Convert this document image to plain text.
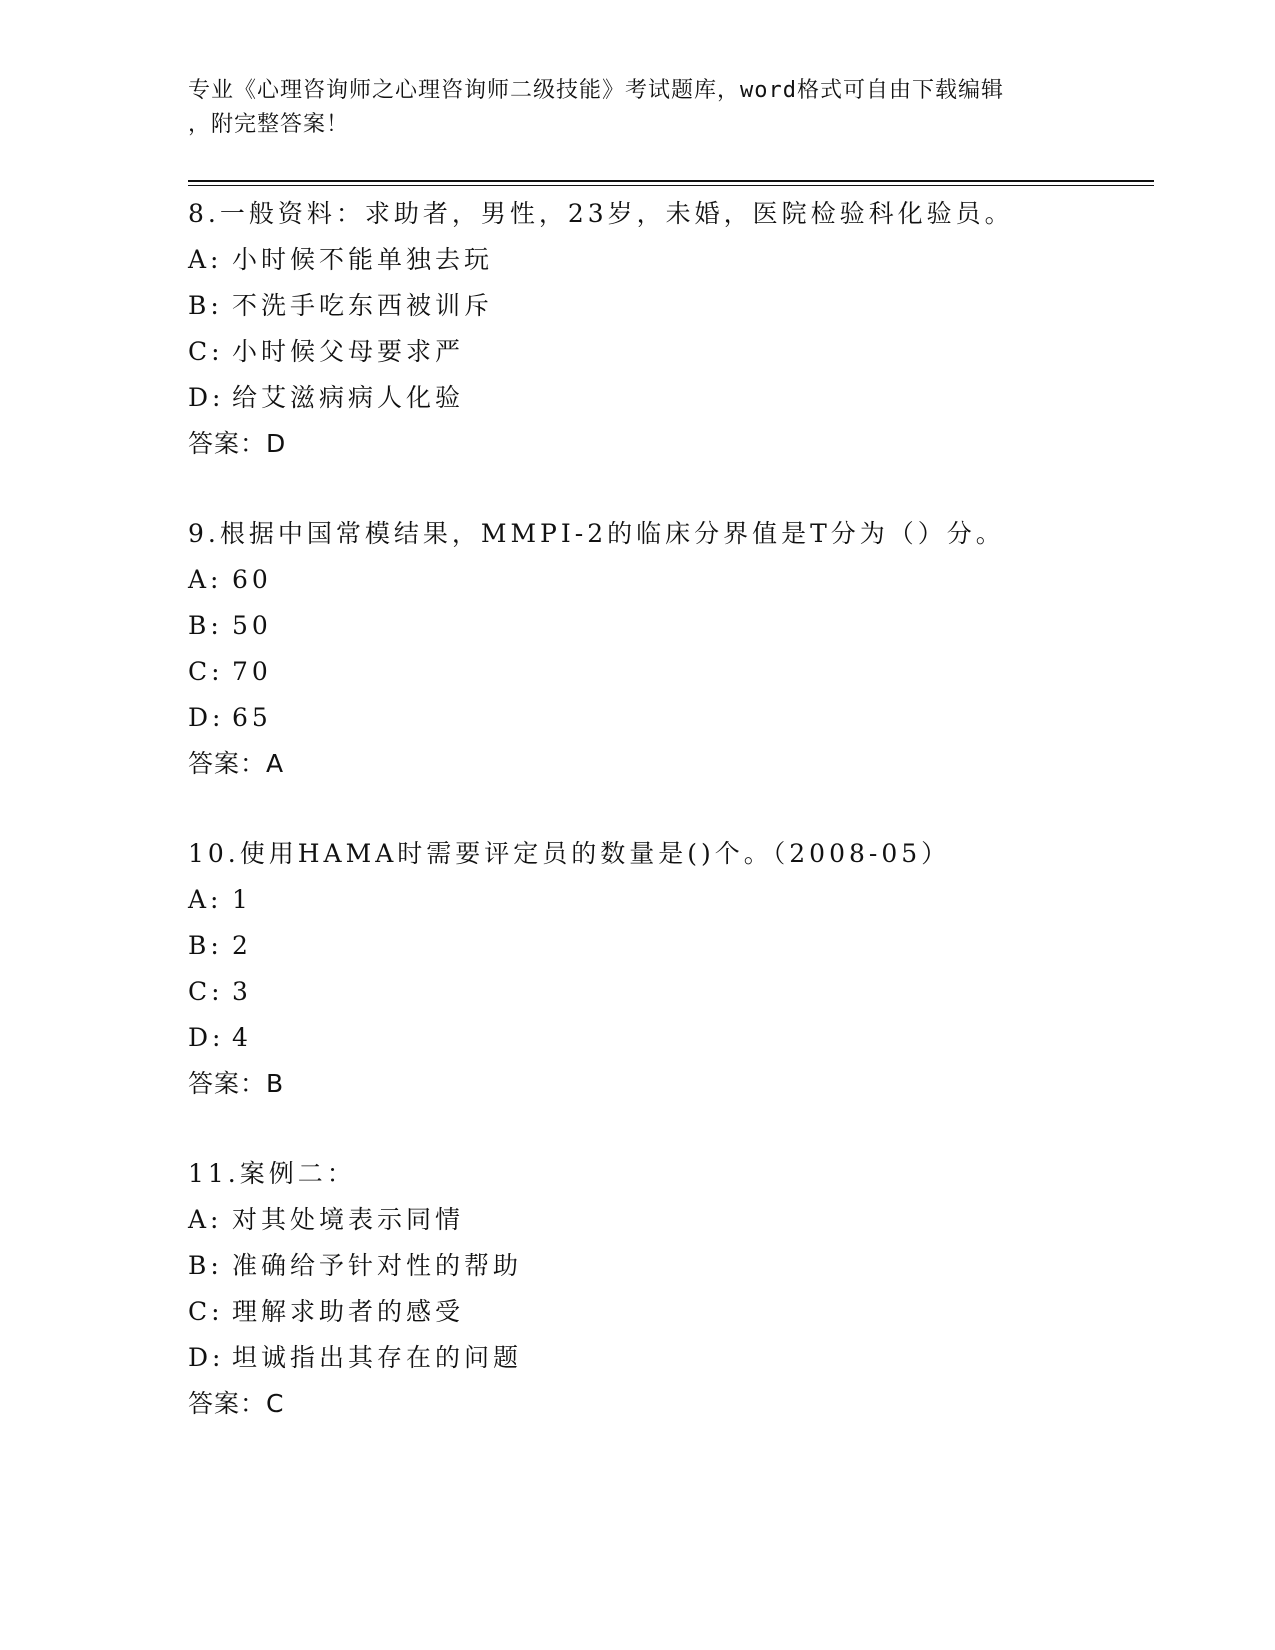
专业《心理咨询师之心理咨询师二级技能》考试题库，word格式可自由下载编辑
，附完整答案！
8.一般资料：求助者，男性，23岁，未婚，医院检验科化验员。
A: 小时候不能单独去玩
B: 不洗手吃东西被训斥
C: 小时候父母要求严
D: 给艾滋病病人化验
答案：D
9.根据中国常模结果，MMPI-2的临床分界值是T分为（）分。
A: 60
B: 50
C: 70
D: 65
答案：A
10.使用HAMA时需要评定员的数量是()个。（2008-05）
A: 1
B: 2
C: 3
D: 4
答案：B
11.案例二：
A: 对其处境表示同情
B: 准确给予针对性的帮助
C: 理解求助者的感受
D: 坦诚指出其存在的问题
答案：C
